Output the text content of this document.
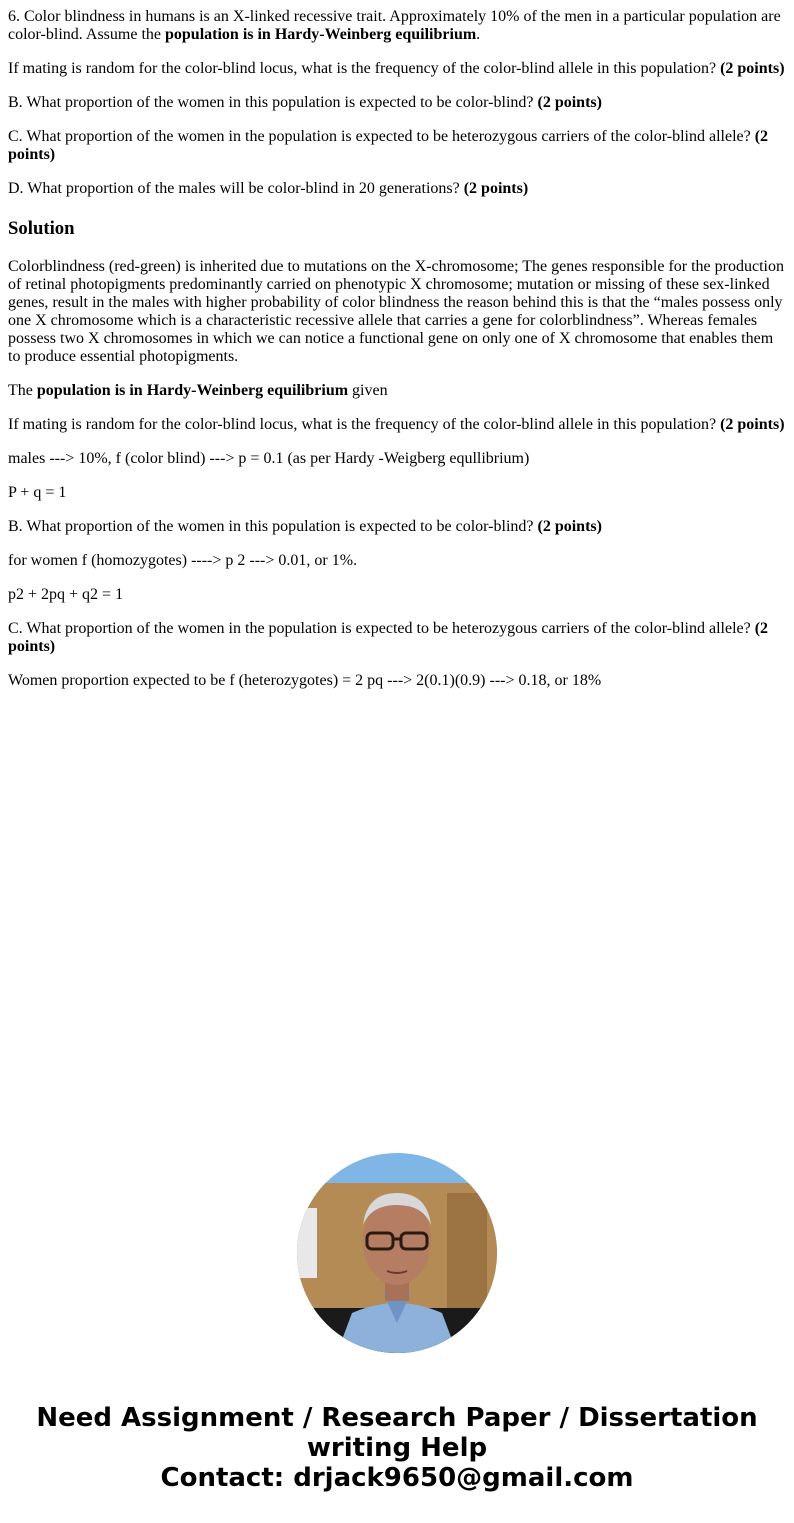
6. Color blindness in humans is an X-linked recessive trait. Approximately 10% of the men in a particular population are color-blind. Assume the population is in Hardy-Weinberg equilibrium.

If mating is random for the color-blind locus, what is the frequency of the color-blind allele in this population? (2 points)

B. What proportion of the women in this population is expected to be color-blind? (2 points)

C. What proportion of the women in the population is expected to be heterozygous carriers of the color-blind allele? (2 points)

D. What proportion of the males will be color-blind in 20 generations? (2 points)

Solution

Colorblindness (red-green) is inherited due to mutations on the X-chromosome; The genes responsible for the production of retinal photopigments predominantly carried on phenotypic X chromosome; mutation or missing of these sex-linked genes, result in the males with higher probability of color blindness the reason behind this is that the “males possess only one X chromosome which is a characteristic recessive allele that carries a gene for colorblindness”. Whereas females possess two X chromosomes in which we can notice a functional gene on only one of X chromosome that enables them to produce essential photopigments.

The population is in Hardy-Weinberg equilibrium given

If mating is random for the color-blind locus, what is the frequency of the color-blind allele in this population? (2 points)

males ---> 10%, f (color blind) ---> p = 0.1 (as per Hardy -Weigberg equllibrium)

P + q = 1

B. What proportion of the women in this population is expected to be color-blind? (2 points)

for women f (homozygotes) ----> p 2 ---> 0.01, or 1%.

p2 + 2pq + q2 = 1

C. What proportion of the women in the population is expected to be heterozygous carriers of the color-blind allele? (2 points)

Women proportion expected to be f (heterozygotes) = 2 pq ---> 2(0.1)(0.9) ---> 0.18, or 18%

Need Assignment / Research Paper / Dissertation writing Help
Contact: drjack9650@gmail.com
